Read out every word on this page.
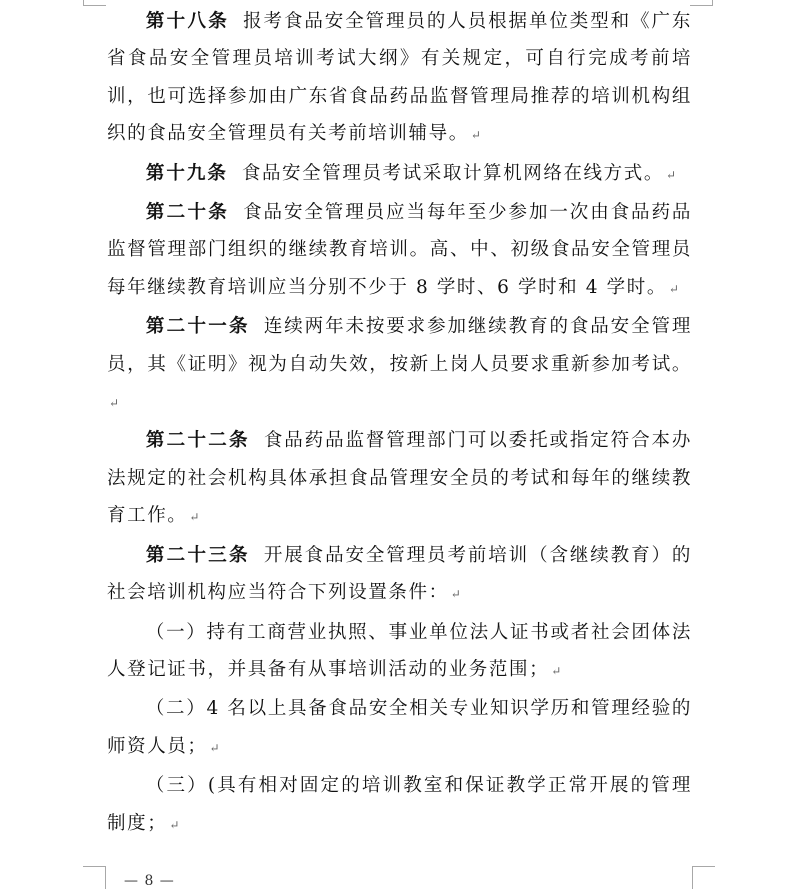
第十八条 报考食品安全管理员的人员根据单位类型和《广东省食品安全管理员培训考试大纲》有关规定，可自行完成考前培训，也可选择参加由广东省食品药品监督管理局推荐的培训机构组织的食品安全管理员有关考前培训辅导。 ↵

第十九条 食品安全管理员考试采取计算机网络在线方式。 ↵

第二十条 食品安全管理员应当每年至少参加一次由食品药品监督管理部门组织的继续教育培训。高、中、初级食品安全管理员每年继续教育培训应当分别不少于 8 学时、6 学时和 4 学时。 ↵

第二十一条 连续两年未按要求参加继续教育的食品安全管理员，其《证明》视为自动失效，按新上岗人员要求重新参加考试。↵

第二十二条 食品药品监督管理部门可以委托或指定符合本办法规定的社会机构具体承担食品管理安全员的考试和每年的继续教育工作。 ↵

第二十三条 开展食品安全管理员考前培训（含继续教育）的社会培训机构应当符合下列设置条件： ↵

（一）持有工商营业执照、事业单位法人证书或者社会团体法人登记证书，并具备有从事培训活动的业务范围； ↵

（二）4 名以上具备食品安全相关专业知识学历和管理经验的师资人员； ↵

（三）(具有相对固定的培训教室和保证教学正常开展的管理制度； ↵

— 8 —
